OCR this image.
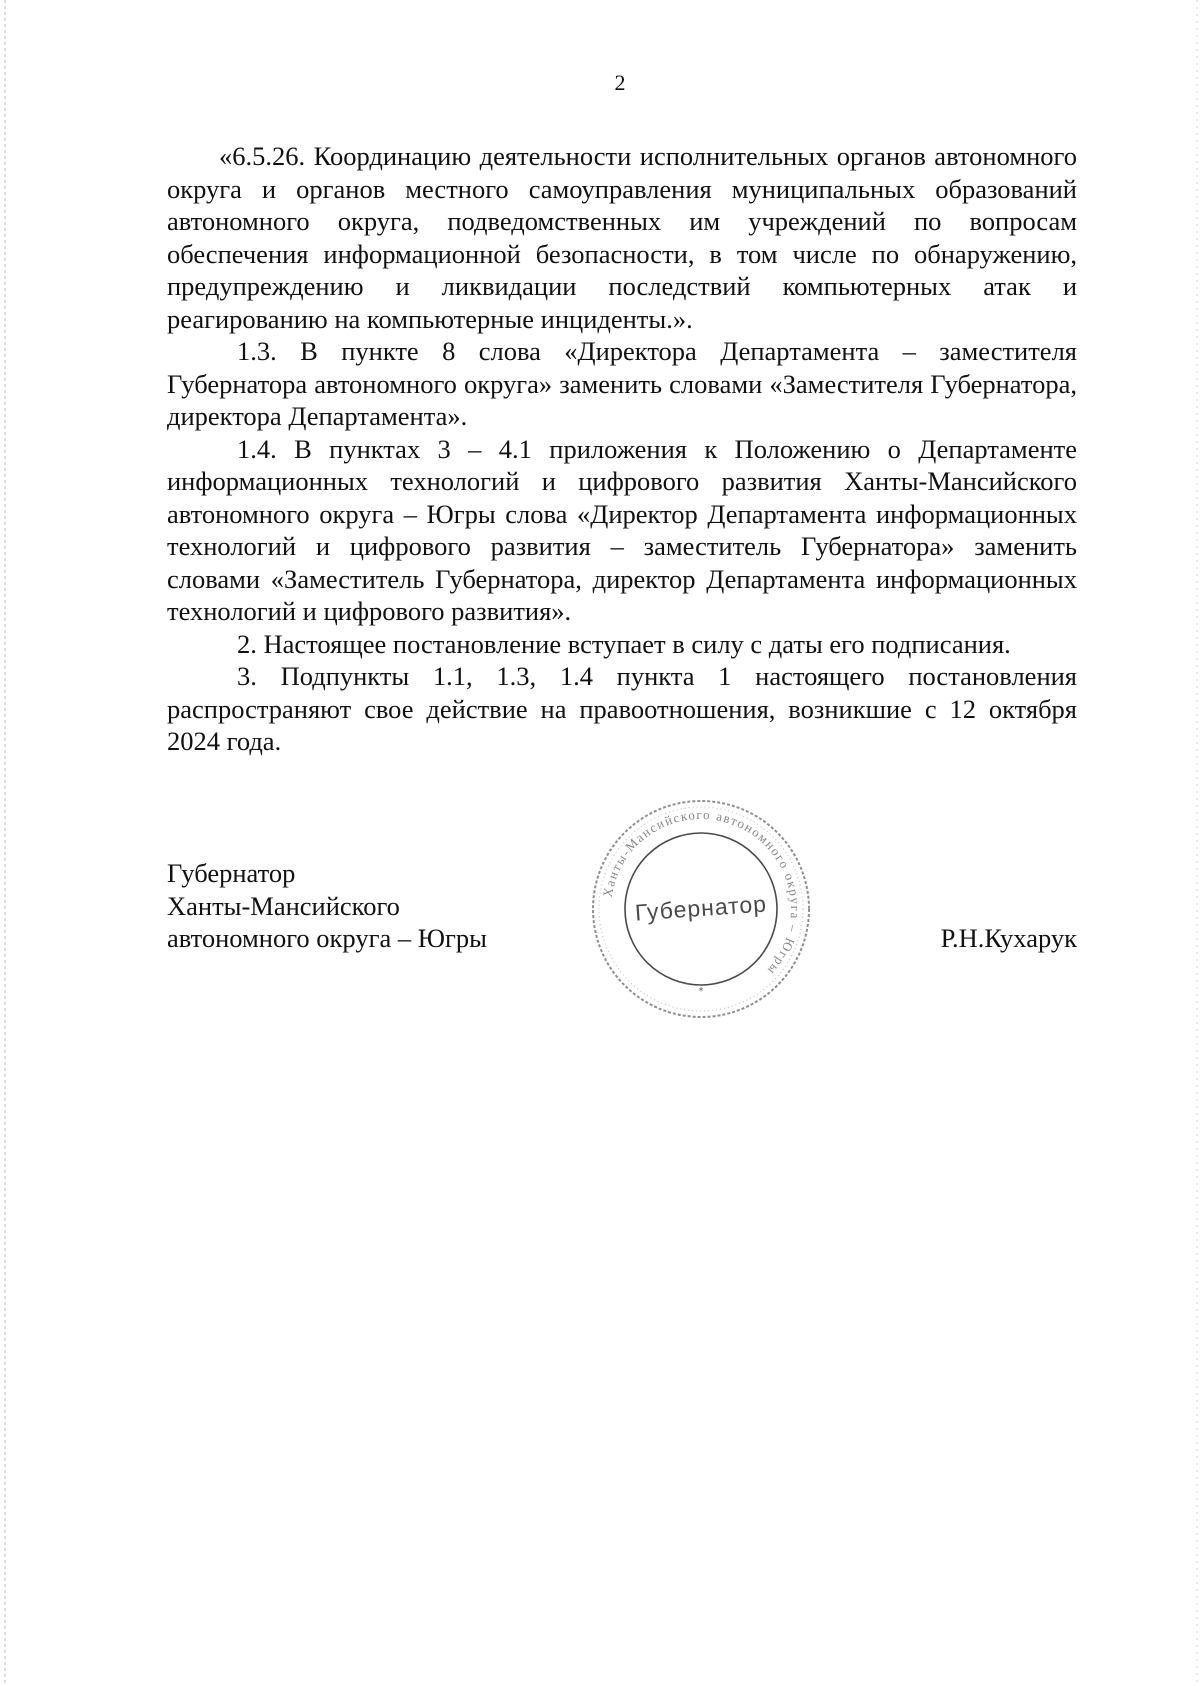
2

«6.5.26. Координацию деятельности исполнительных органов автономного округа и органов местного самоуправления муниципальных образований автономного округа, подведомственных им учреждений по вопросам обеспечения информационной безопасности, в том числе по обнаружению, предупреждению и ликвидации последствий компьютерных атак и реагированию на компьютерные инциденты.».

1.3. В пункте 8 слова «Директора Департамента – заместителя Губернатора автономного округа» заменить словами «Заместителя Губернатора, директора Департамента».

1.4. В пунктах 3 – 4.1 приложения к Положению о Департаменте информационных технологий и цифрового развития Ханты-Мансийского автономного округа – Югры слова «Директор Департамента информационных технологий и цифрового развития – заместитель Губернатора» заменить словами «Заместитель Губернатора, директор Департамента информационных технологий и цифрового развития».

2. Настоящее постановление вступает в силу с даты его подписания.

3. Подпункты 1.1, 1.3, 1.4 пункта 1 настоящего постановления распространяют свое действие на правоотношения, возникшие с 12 октября 2024 года.

Ханты-Мансийского автономного округа – Югры
Губернатор
*
Губернатор
Ханты-Мансийского
автономного округа – Югры	Р.Н.Кухарук
